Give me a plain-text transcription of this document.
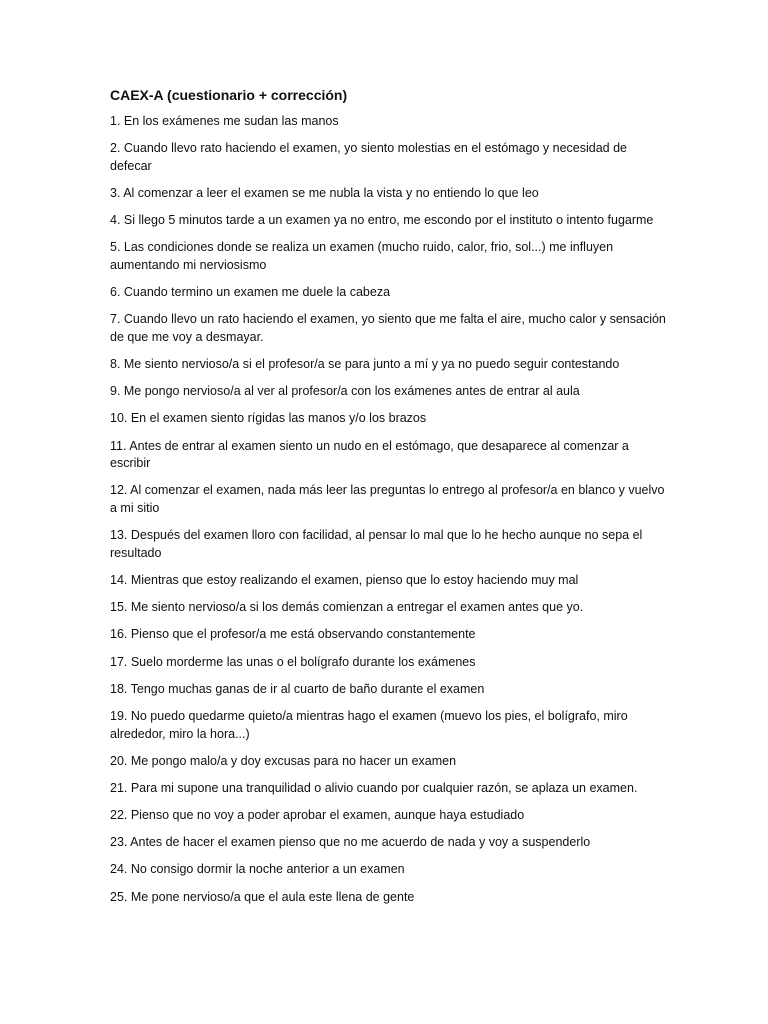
CAEX-A (cuestionario + corrección)
1. En los exámenes me sudan las manos
2. Cuando llevo rato haciendo el examen, yo siento molestias en el estómago y necesidad de defecar
3. Al comenzar a leer el examen se me nubla la vista y no entiendo lo que leo
4. Si llego 5 minutos tarde a un examen ya no entro, me escondo por el instituto o intento fugarme
5. Las condiciones donde se realiza un examen (mucho ruido, calor, frio, sol...) me influyen aumentando mi nerviosismo
6. Cuando termino un examen me duele la cabeza
7. Cuando llevo un rato haciendo el examen, yo siento que me falta el aire, mucho calor y sensación de que me voy a desmayar.
8. Me siento nervioso/a si el profesor/a se para junto a mí y ya no puedo seguir contestando
9. Me pongo nervioso/a al ver al profesor/a con los exámenes antes de entrar al aula
10. En el examen siento rígidas las manos y/o los brazos
11. Antes de entrar al examen siento un nudo en el estómago, que desaparece al comenzar a escribir
12. Al comenzar el examen, nada más leer las preguntas lo entrego al profesor/a en blanco y vuelvo a mi sitio
13. Después del examen lloro con facilidad, al pensar lo mal que lo he hecho aunque no sepa el resultado
14. Mientras que estoy realizando el examen, pienso que lo estoy haciendo muy mal
15. Me siento nervioso/a si los demás comienzan a entregar el examen antes que yo.
16. Pienso que el profesor/a me está observando constantemente
17. Suelo morderme las unas o el bolígrafo durante los exámenes
18. Tengo muchas ganas de ir al cuarto de baño durante el examen
19. No puedo quedarme quieto/a mientras hago el examen (muevo los pies, el bolígrafo, miro alrededor, miro la hora...)
20. Me pongo malo/a y doy excusas para no hacer un examen
21. Para mi supone una tranquilidad o alivio cuando por cualquier razón, se aplaza un examen.
22. Pienso que no voy a poder aprobar el examen, aunque haya estudiado
23. Antes de hacer el examen pienso que no me acuerdo de nada y voy a suspenderlo
24. No consigo dormir la noche anterior a un examen
25. Me pone nervioso/a que el aula este llena de gente
